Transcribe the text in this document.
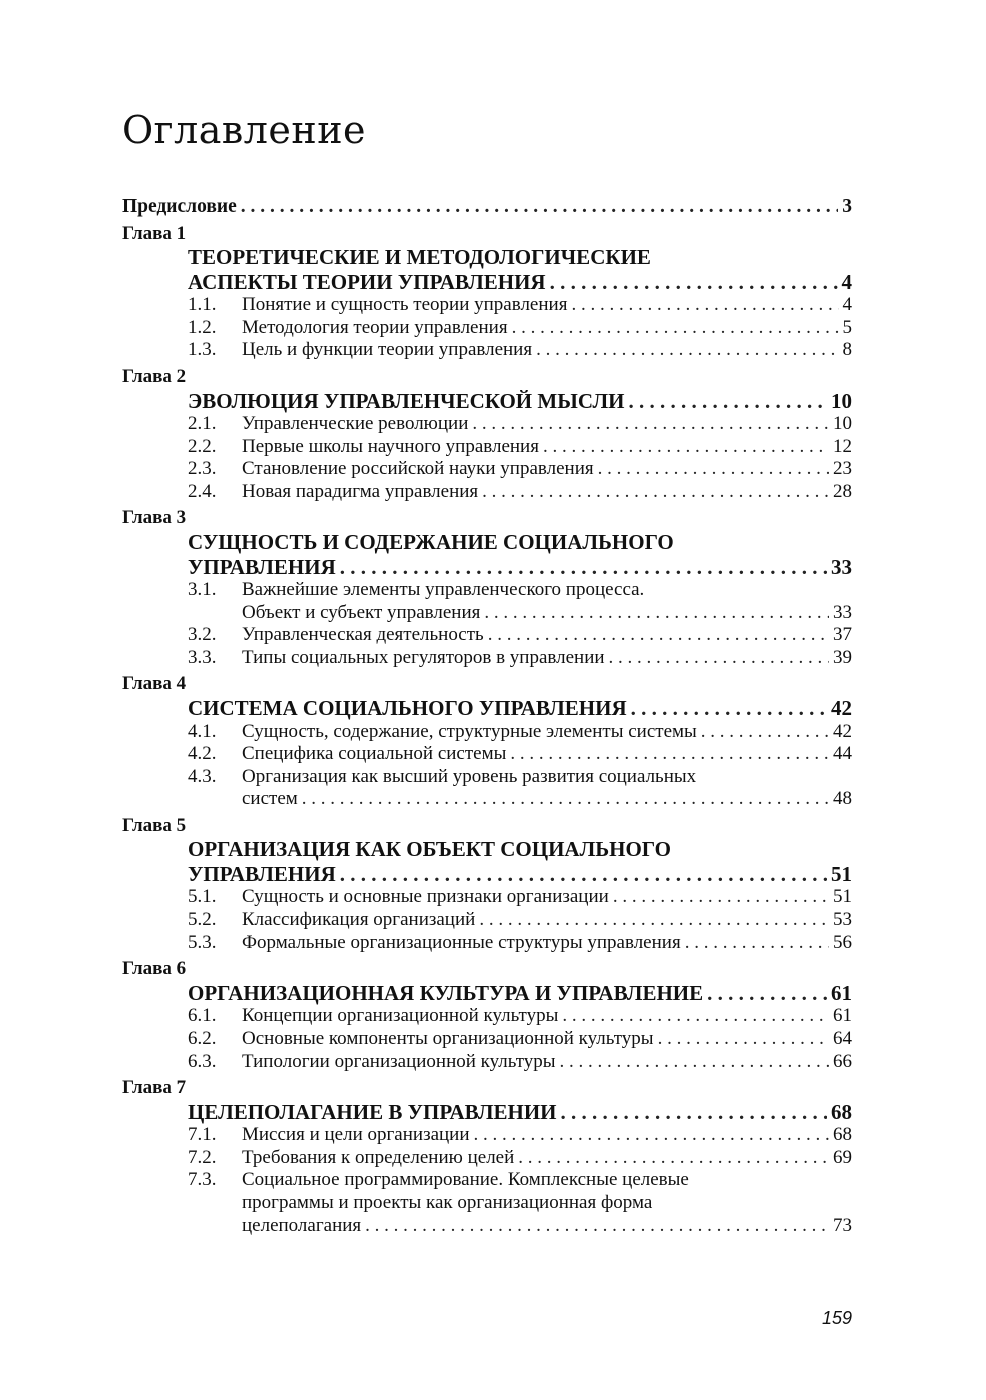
Оглавление
Предисловие . . .	3
Глава 1
ТЕОРЕТИЧЕСКИЕ И МЕТОДОЛОГИЧЕСКИЕ
АСПЕКТЫ ТЕОРИИ УПРАВЛЕНИЯ . . .	4
1.1.	Понятие и сущность теории управления . . .	4
1.2.	Методология теории управления . . .	5
1.3.	Цель и функции теории управления . . .	8
Глава 2
ЭВОЛЮЦИЯ УПРАВЛЕНЧЕСКОЙ МЫСЛИ . . .	10
2.1.	Управленческие революции . . .	10
2.2.	Первые школы научного управления . . .	12
2.3.	Становление российской науки управления . . .	23
2.4.	Новая парадигма управления . . .	28
Глава 3
СУЩНОСТЬ И СОДЕРЖАНИЕ СОЦИАЛЬНОГО
УПРАВЛЕНИЯ . . .	33
3.1.	Важнейшие элементы управленческого процесса.
Объект и субъект управления . . .	33
3.2.	Управленческая деятельность . . .	37
3.3.	Типы социальных регуляторов в управлении . . .	39
Глава 4
СИСТЕМА СОЦИАЛЬНОГО УПРАВЛЕНИЯ . . .	42
4.1.	Сущность, содержание, структурные элементы системы . . .	42
4.2.	Специфика социальной системы . . .	44
4.3.	Организация как высший уровень развития социальных
систем . . .	48
Глава 5
ОРГАНИЗАЦИЯ КАК ОБЪЕКТ СОЦИАЛЬНОГО
УПРАВЛЕНИЯ . . .	51
5.1.	Сущность и основные признаки организации . . .	51
5.2.	Классификация организаций . . .	53
5.3.	Формальные организационные структуры управления . . .	56
Глава 6
ОРГАНИЗАЦИОННАЯ КУЛЬТУРА И УПРАВЛЕНИЕ . . .	61
6.1.	Концепции организационной культуры . . .	61
6.2.	Основные компоненты организационной культуры . . .	64
6.3.	Типологии организационной культуры . . .	66
Глава 7
ЦЕЛЕПОЛАГАНИЕ В УПРАВЛЕНИИ . . .	68
7.1.	Миссия и цели организации . . .	68
7.2.	Требования к определению целей . . .	69
7.3.	Социальное программирование. Комплексные целевые
программы и проекты как организационная форма
целеполагания . . .	73
159
